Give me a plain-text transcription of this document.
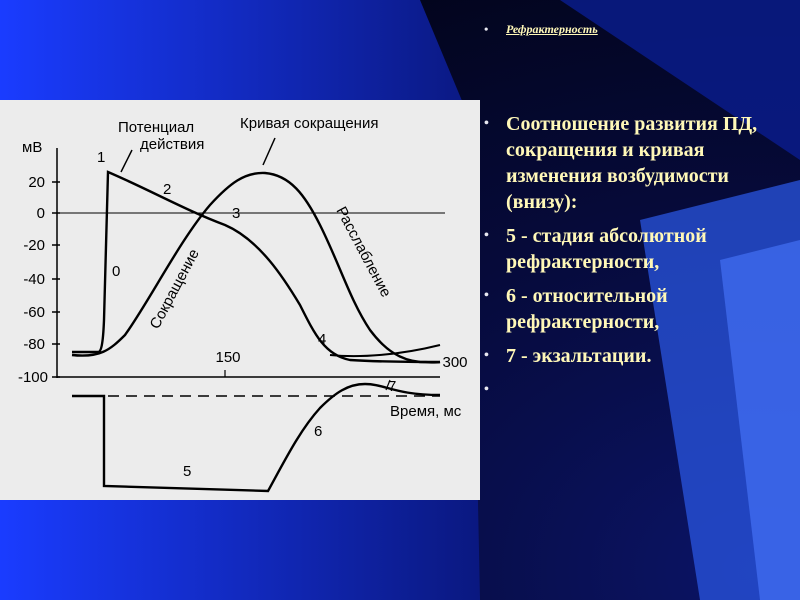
мВ
20
0
-20
-40
-60
-80
-100
150	300
Потенциал
действия
Кривая сокращения
Сокращение	Расслабление
1
2
3
0
4
5
6
7
Время, мс
• Рефрактерность
• Соотношение развития ПД, сокращения и кривая изменения возбудимости (внизу):
• 5 - стадия абсолютной рефрактерности,
• 6 - относительной рефрактерности,
• 7 - экзальтации.
•
